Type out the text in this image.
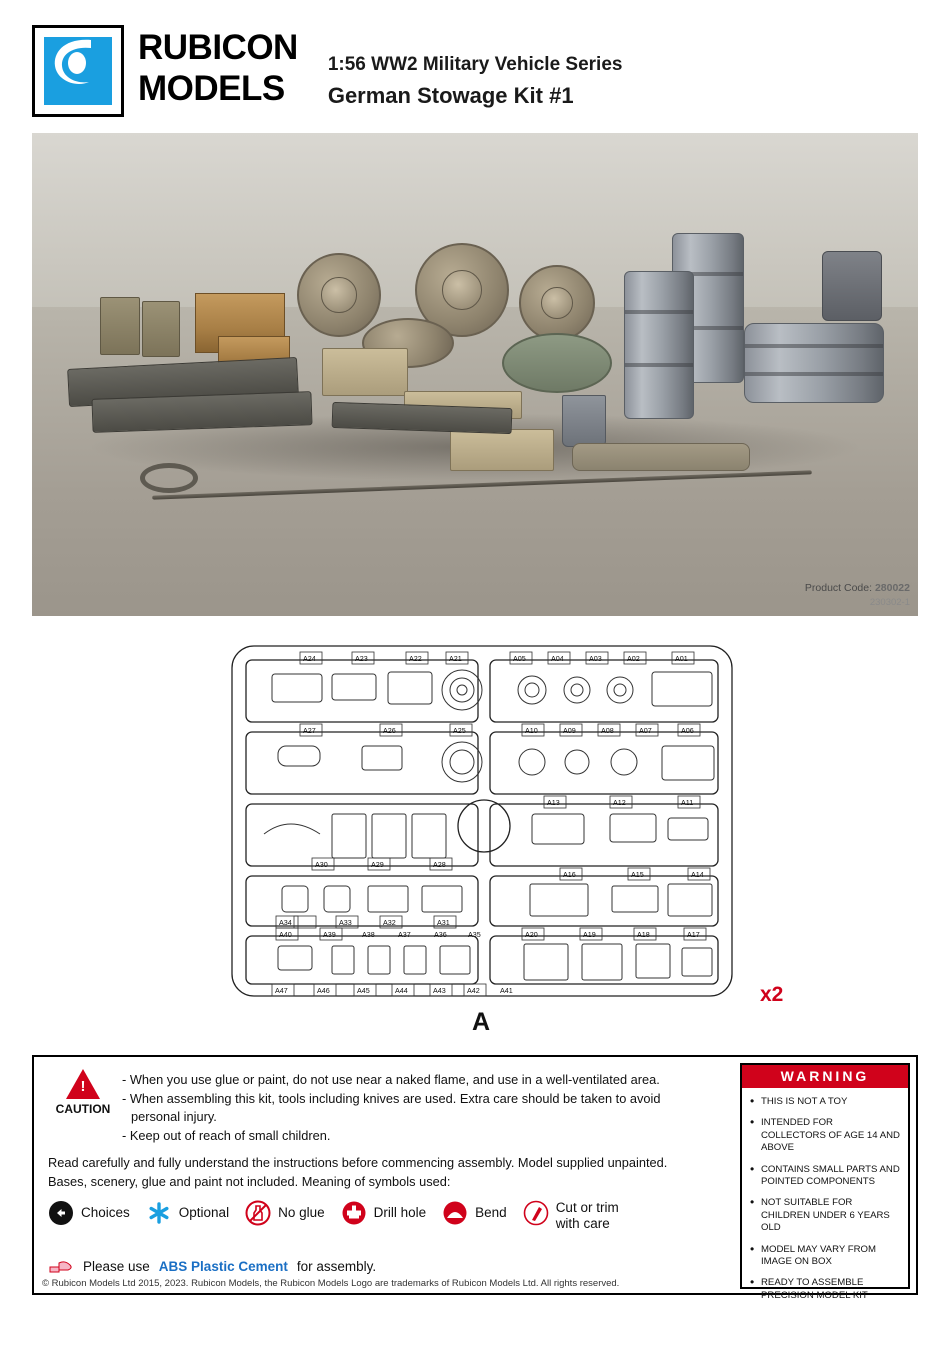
RUBICON
MODELS
1:56 WW2 Military Vehicle Series
German Stowage Kit #1
Product Code: 280022
230302-1
A24	A23	A22	A21	A05	A04	A03	A02	A01
A27	A26	A25	A10	A09	A08	A07	A06
A30	A29	A28
A13	A12	A11
A34	A33	A32	A31
A16	A15	A14
A47	A46	A45	A44	A43	A42
A20	A19	A18	A17
A40	A39	A38	A37	A36	A35
A41
A
x2
!
CAUTION
- When you use glue or paint, do not use near a naked flame, and use in a well-ventilated area.
- When assembling this kit, tools including knives are used. Extra care should be taken to avoid
personal injury.
- Keep out of reach of small children.
Read carefully and fully understand the instructions before commencing assembly. Model supplied unpainted.
Bases, scenery, glue and paint not included. Meaning of symbols used:
Choices	Optional	No glue	Drill hole	Bend	Cut or trim
with care
Please use ABS Plastic Cement for assembly.
© Rubicon Models Ltd 2015, 2023. Rubicon Models, the Rubicon Models Logo are trademarks of Rubicon Models Ltd. All rights reserved.
WARNING
• THIS IS NOT A TOY
• INTENDED FOR COLLECTORS OF AGE 14 AND ABOVE
• CONTAINS SMALL PARTS AND POINTED COMPONENTS
• NOT SUITABLE FOR CHILDREN UNDER 6 YEARS OLD
• MODEL MAY VARY FROM IMAGE ON BOX
• READY TO ASSEMBLE PRECISION MODEL KIT
